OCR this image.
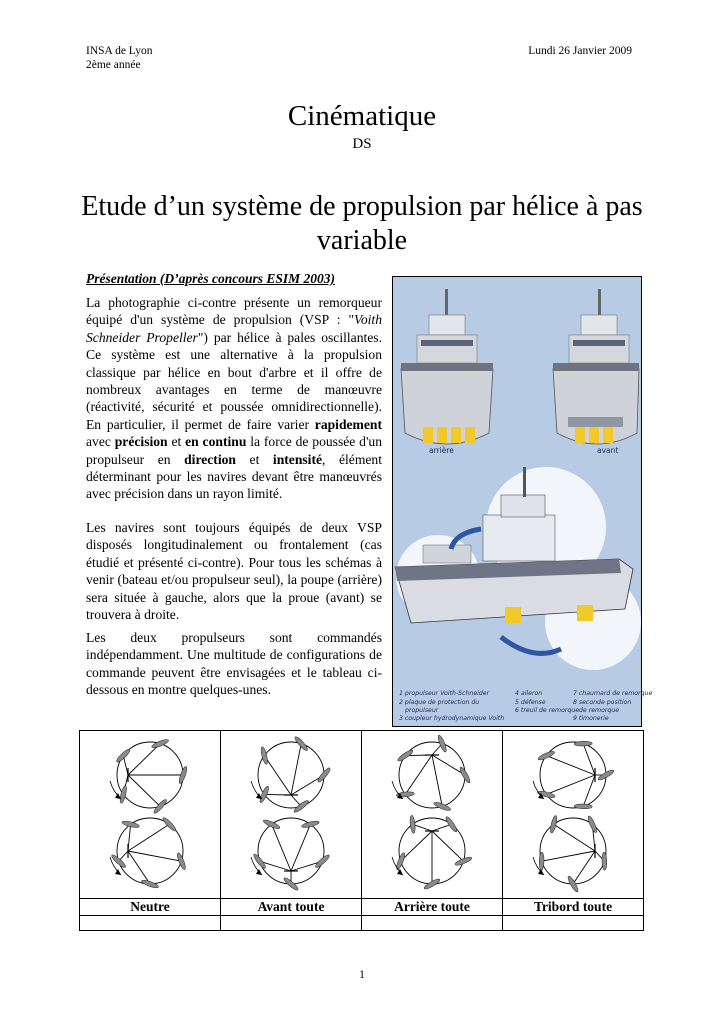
INSA de Lyon
2ème année
Lundi 26 Janvier 2009
Cinématique
DS
Etude d’un système de propulsion par hélice à pas variable
Présentation (D’après concours ESIM 2003)

La photographie ci-contre présente un remorqueur équipé d'un système de propulsion (VSP : "Voith Schneider Propeller") par hélice à pales oscillantes. Ce système est une alternative à la propulsion classique par hélice en bout d'arbre et il offre de nombreux avantages en terme de manœuvre (réactivité, sécurité et poussée omnidirectionnelle). En particulier, il permet de faire varier rapidement avec précision et en continu la force de poussée d'un propulseur en direction et intensité, élément déterminant pour les navires devant être manœuvrés avec précision dans un rayon limité.

Les navires sont toujours équipés de deux VSP disposés longitudinalement ou frontalement (cas étudié et présenté ci-contre). Pour tous les schémas à venir (bateau et/ou propulseur seul), la poupe (arrière) sera située à gauche, alors que la proue (avant) se trouvera à droite.
Les deux propulseurs sont commandés indépendamment. Une multitude de configurations de commande peuvent être envisagées et le tableau ci-dessous en montre quelques-unes.
arrière	avant
1 propulseur Voith-Schneider
2 plaque de protection du
propulseur
3 coupleur hydrodynamique Voith
4 aileron
5 défense
6 treuil de remorque
7 chaumard de remorque
8 seconde position
de remorque
9 timonerie

Neutre	Avant toute	Arrière toute	Tribord toute

1
